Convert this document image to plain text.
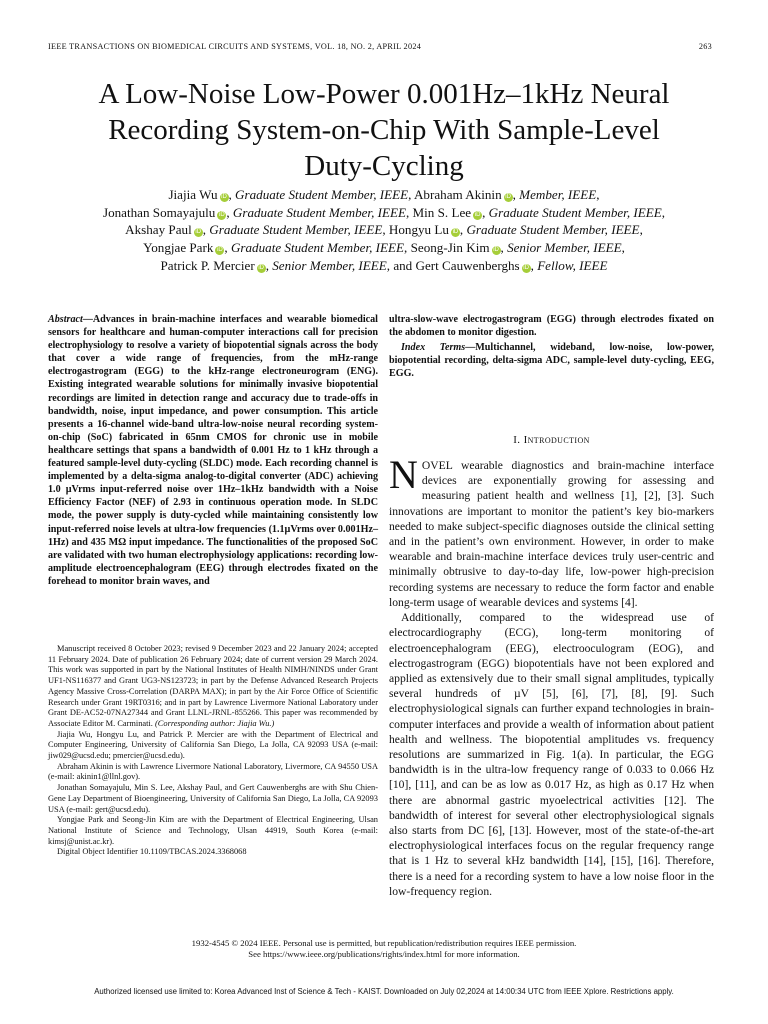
IEEE TRANSACTIONS ON BIOMEDICAL CIRCUITS AND SYSTEMS, VOL. 18, NO. 2, APRIL 2024	263
A Low-Noise Low-Power 0.001Hz–1kHz Neural
Recording System-on-Chip With Sample-Level
Duty-Cycling
Jiajia Wu iD , Graduate Student Member, IEEE, Abraham Akinin iD , Member, IEEE,
Jonathan Somayajulu iD , Graduate Student Member, IEEE, Min S. Lee iD , Graduate Student Member, IEEE,
Akshay Paul iD , Graduate Student Member, IEEE, Hongyu Lu iD , Graduate Student Member, IEEE,
Yongjae Park iD , Graduate Student Member, IEEE, Seong-Jin Kim iD , Senior Member, IEEE,
Patrick P. Mercier iD , Senior Member, IEEE, and Gert Cauwenberghs iD , Fellow, IEEE
Abstract—Advances in brain-machine interfaces and wearable biomedical sensors for healthcare and human-computer interactions call for precision electrophysiology to resolve a variety of biopotential signals across the body that cover a wide range of frequencies, from the mHz-range electrogastrogram (EGG) to the kHz-range electroneurogram (ENG). Existing integrated wearable solutions for minimally invasive biopotential recordings are limited in detection range and accuracy due to trade-offs in bandwidth, noise, input impedance, and power consumption. This article presents a 16-channel wide-band ultra-low-noise neural recording system-on-chip (SoC) fabricated in 65nm CMOS for chronic use in mobile healthcare settings that spans a bandwidth of 0.001 Hz to 1 kHz through a featured sample-level duty-cycling (SLDC) mode. Each recording channel is implemented by a delta-sigma analog-to-digital converter (ADC) achieving 1.0 µVrms input-referred noise over 1Hz–1kHz bandwidth with a Noise Efficiency Factor (NEF) of 2.93 in continuous operation mode. In SLDC mode, the power supply is duty-cycled while maintaining consistently low input-referred noise levels at ultra-low frequencies (1.1µVrms over 0.001Hz–1Hz) and 435 MΩ input impedance. The functionalities of the proposed SoC are validated with two human electrophysiology applications: recording low-amplitude electroencephalogram (EEG) through electrodes fixated on the forehead to monitor brain waves, and

Manuscript received 8 October 2023; revised 9 December 2023 and 22 January 2024; accepted 11 February 2024. Date of publication 26 February 2024; date of current version 29 March 2024. This work was supported in part by the National Institutes of Health NIMH/NINDS under Grant UF1-NS116377 and Grant UG3-NS123723; in part by the Defense Advanced Research Projects Agency Massive Cross-Correlation (DARPA MAX); in part by the Air Force Office of Scientific Research under Grant 19RT0316; and in part by Lawrence Livermore National Laboratory under Grant DE-AC52-07NA27344 and Grant LLNL-JRNL-855266. This paper was recommended by Associate Editor M. Carminati. (Corresponding author: Jiajia Wu.)

Jiajia Wu, Hongyu Lu, and Patrick P. Mercier are with the Department of Electrical and Computer Engineering, University of California San Diego, La Jolla, CA 92093 USA (e-mail: jiw029@ucsd.edu; pmercier@ucsd.edu).

Abraham Akinin is with Lawrence Livermore National Laboratory, Livermore, CA 94550 USA (e-mail: akinin1@llnl.gov).

Jonathan Somayajulu, Min S. Lee, Akshay Paul, and Gert Cauwenberghs are with Shu Chien-Gene Lay Department of Bioengineering, University of California San Diego, La Jolla, CA 92093 USA (e-mail: gert@ucsd.edu).

Yongjae Park and Seong-Jin Kim are with the Department of Electrical Engineering, Ulsan National Institute of Science and Technology, Ulsan 44919, South Korea (e-mail: kimsj@unist.ac.kr).

Digital Object Identifier 10.1109/TBCAS.2024.3368068

ultra-slow-wave electrogastrogram (EGG) through electrodes fixated on the abdomen to monitor digestion.
Index Terms—Multichannel, wideband, low-noise, low-power, biopotential recording, delta-sigma ADC, sample-level duty-cycling, EEG, EGG.
I. Introduction

NOVEL wearable diagnostics and brain-machine interface devices are exponentially growing for assessing and measuring patient health and wellness [1], [2], [3]. Such innovations are important to monitor the patient’s key bio-markers needed to make subject-specific diagnoses outside the clinical setting and in the patient’s own environment. However, in order to make wearable and brain-machine interface devices truly user-centric and minimally obtrusive to day-to-day life, low-power high-precision recording systems are necessary to reduce the form factor and enable long-term usage of wearable devices and systems [4].

Additionally, compared to the widespread use of electrocardiography (ECG), long-term monitoring of electroencephalogram (EEG), electrooculogram (EOG), and electrogastrogram (EGG) biopotentials have not been explored and applied as extensively due to their small signal amplitudes, typically several hundreds of µV [5], [6], [7], [8], [9]. Such electrophysiological signals can further expand technologies in brain-computer interfaces and provide a wealth of information about patient health and wellness. The biopotential amplitudes vs. frequency resolutions are summarized in Fig. 1(a). In particular, the EGG bandwidth is in the ultra-low frequency range of 0.033 to 0.066 Hz [10], [11], and can be as low as 0.017 Hz, as high as 0.17 Hz when there are abnormal gastric myoelectrical activities [12]. The bandwidth of interest for several other electrophysiological signals also starts from DC [6], [13]. However, most of the state-of-the-art electrophysiological interfaces focus on the regular frequency range that is 1 Hz to several kHz bandwidth [14], [15], [16]. Therefore, there is a need for a recording system to have a low noise floor in the low-frequency region.

1932-4545 © 2024 IEEE. Personal use is permitted, but republication/redistribution requires IEEE permission.
See https://www.ieee.org/publications/rights/index.html for more information.
Authorized licensed use limited to: Korea Advanced Inst of Science & Tech - KAIST. Downloaded on July 02,2024 at 14:00:34 UTC from IEEE Xplore. Restrictions apply.
